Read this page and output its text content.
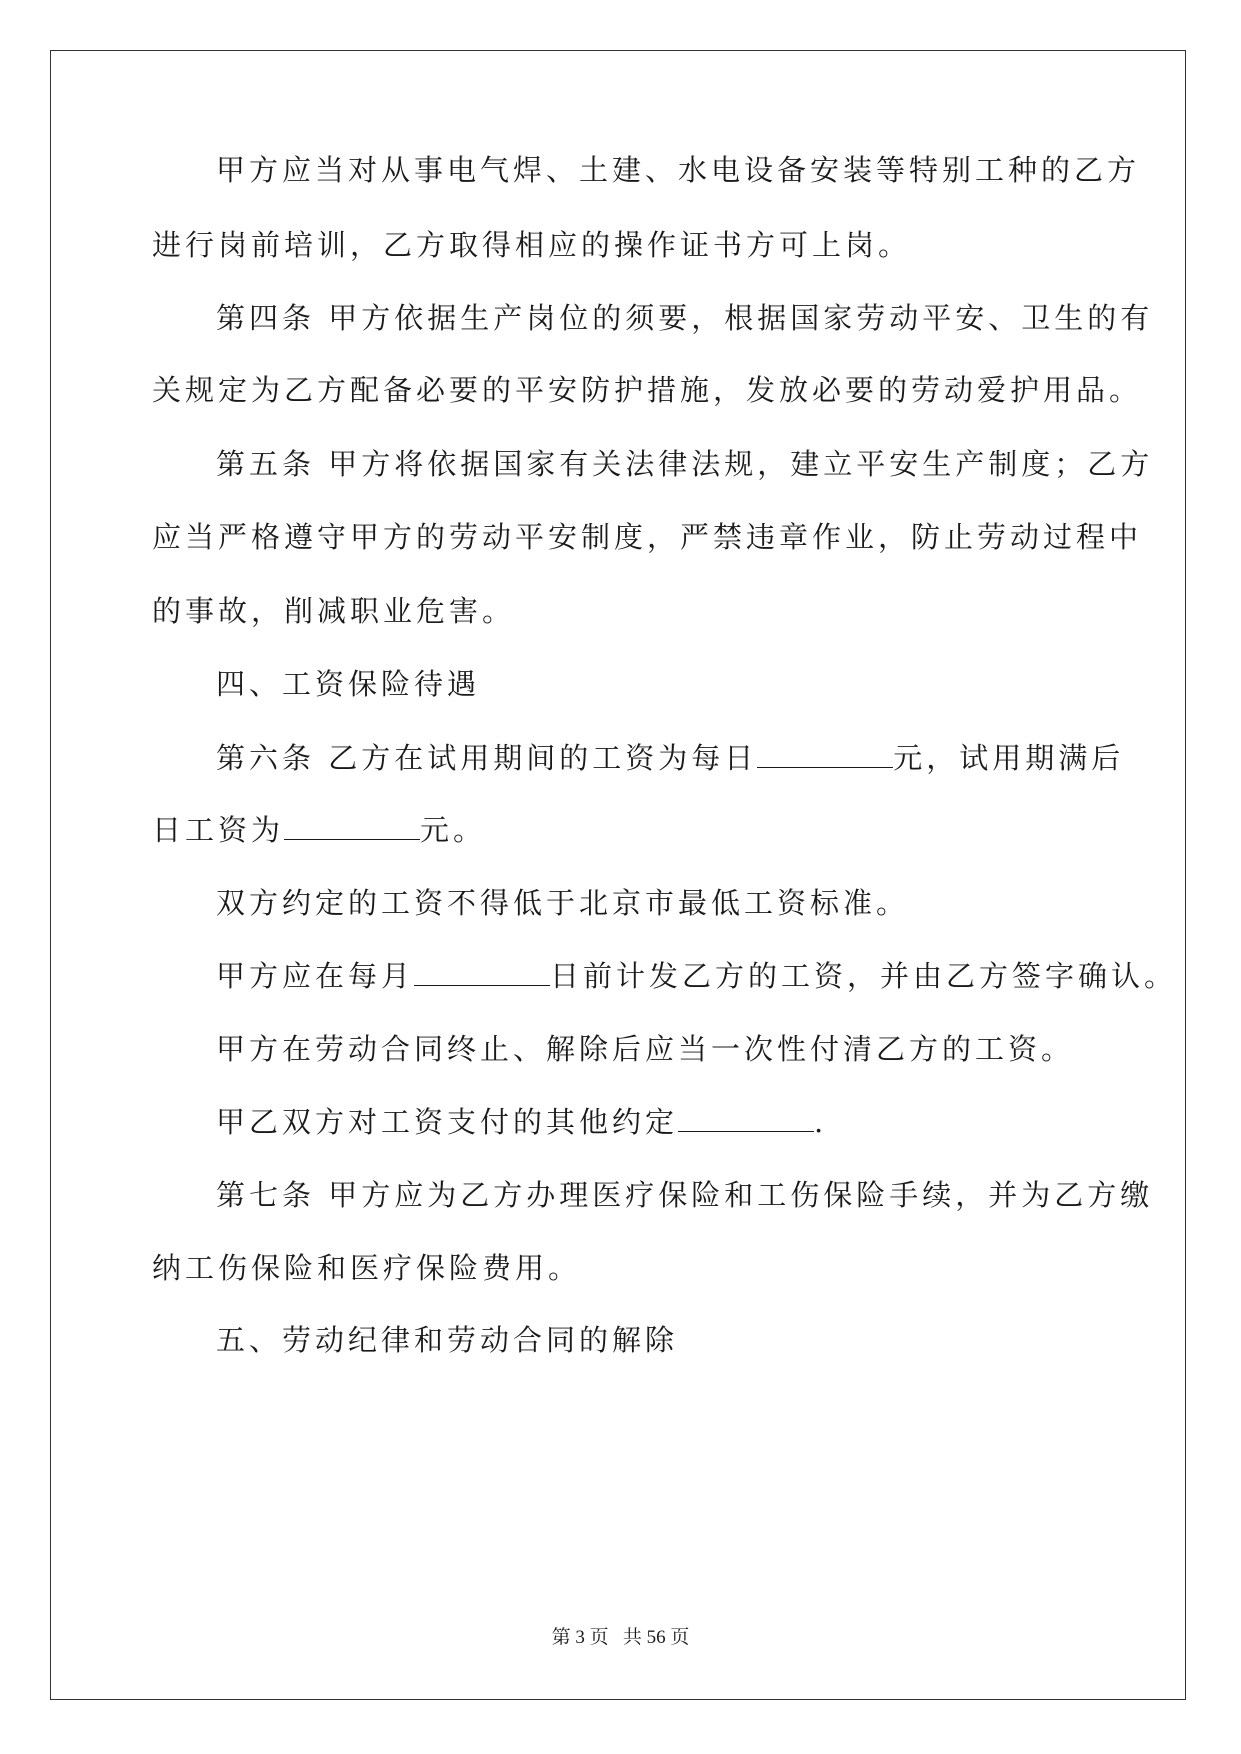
甲方应当对从事电气焊、土建、水电设备安装等特别工种的乙方
进行岗前培训，乙方取得相应的操作证书方可上岗。
第四条 甲方依据生产岗位的须要，根据国家劳动平安、卫生的有
关规定为乙方配备必要的平安防护措施，发放必要的劳动爱护用品。
第五条 甲方将依据国家有关法律法规，建立平安生产制度；乙方
应当严格遵守甲方的劳动平安制度，严禁违章作业，防止劳动过程中
的事故，削减职业危害。
四、工资保险待遇
第六条 乙方在试用期间的工资为每日	元，试用期满后
日工资为	元。
双方约定的工资不得低于北京市最低工资标准。
甲方应在每月	日前计发乙方的工资，并由乙方签字确认。
甲方在劳动合同终止、解除后应当一次性付清乙方的工资。
甲乙双方对工资支付的其他约定	.
第七条 甲方应为乙方办理医疗保险和工伤保险手续，并为乙方缴
纳工伤保险和医疗保险费用。
五、劳动纪律和劳动合同的解除
第 3 页 共 56 页
